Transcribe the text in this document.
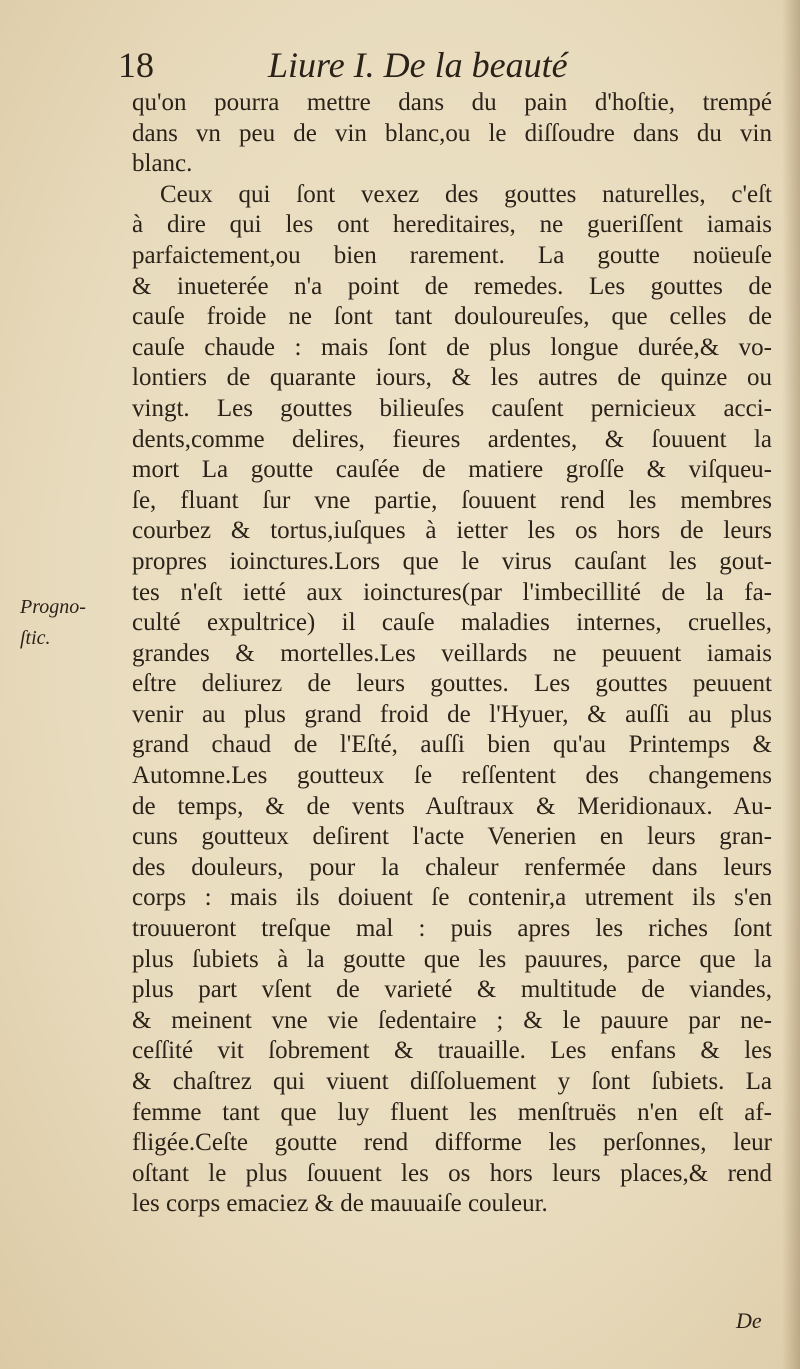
18	Liure I. De la beauté
Progno-
ſtic.
qu'on pourra mettre dans du pain d'hoſtie, trempé
dans vn peu de vin blanc,ou le diſſoudre dans du vin
blanc.
Ceux qui ſont vexez des gouttes naturelles, c'eſt
à dire qui les ont hereditaires, ne gueriſſent iamais
parfaictement,ou bien rarement. La goutte noüeuſe
& inueterée n'a point de remedes. Les gouttes de
cauſe froide ne ſont tant douloureuſes, que celles de
cauſe chaude : mais ſont de plus longue durée,& vo-
lontiers de quarante iours, & les autres de quinze ou
vingt. Les gouttes bilieuſes cauſent pernicieux acci-
dents,comme delires, fieures ardentes, & ſouuent la
mort La goutte cauſée de matiere groſſe & viſqueu-
ſe, fluant ſur vne partie, ſouuent rend les membres
courbez & tortus,iuſques à ietter les os hors de leurs
propres ioinctures.Lors que le virus cauſant les gout-
tes n'eſt ietté aux ioinctures(par l'imbecillité de la fa-
culté expultrice) il cauſe maladies internes, cruelles,
grandes & mortelles.Les veillards ne peuuent iamais
eſtre deliurez de leurs gouttes. Les gouttes peuuent
venir au plus grand froid de l'Hyuer, & auſſi au plus
grand chaud de l'Eſté, auſſi bien qu'au Printemps &
Automne.Les goutteux ſe reſſentent des changemens
de temps, & de vents Auſtraux & Meridionaux. Au-
cuns goutteux deſirent l'acte Venerien en leurs gran-
des douleurs, pour la chaleur renfermée dans leurs
corps : mais ils doiuent ſe contenir,a utrement ils s'en
trouueront treſque mal : puis apres les riches ſont
plus ſubiets à la goutte que les pauures, parce que la
plus part vſent de varieté & multitude de viandes,
& meinent vne vie ſedentaire ; & le pauure par ne-
ceſſité vit ſobrement & trauaille. Les enfans & les
& chaſtrez qui viuent diſſoluement y ſont ſubiets. La
femme tant que luy fluent les menſtruës n'en eſt af-
fligée.Ceſte goutte rend difforme les perſonnes, leur
oſtant le plus ſouuent les os hors leurs places,& rend
les corps emaciez & de mauuaiſe couleur.
De
